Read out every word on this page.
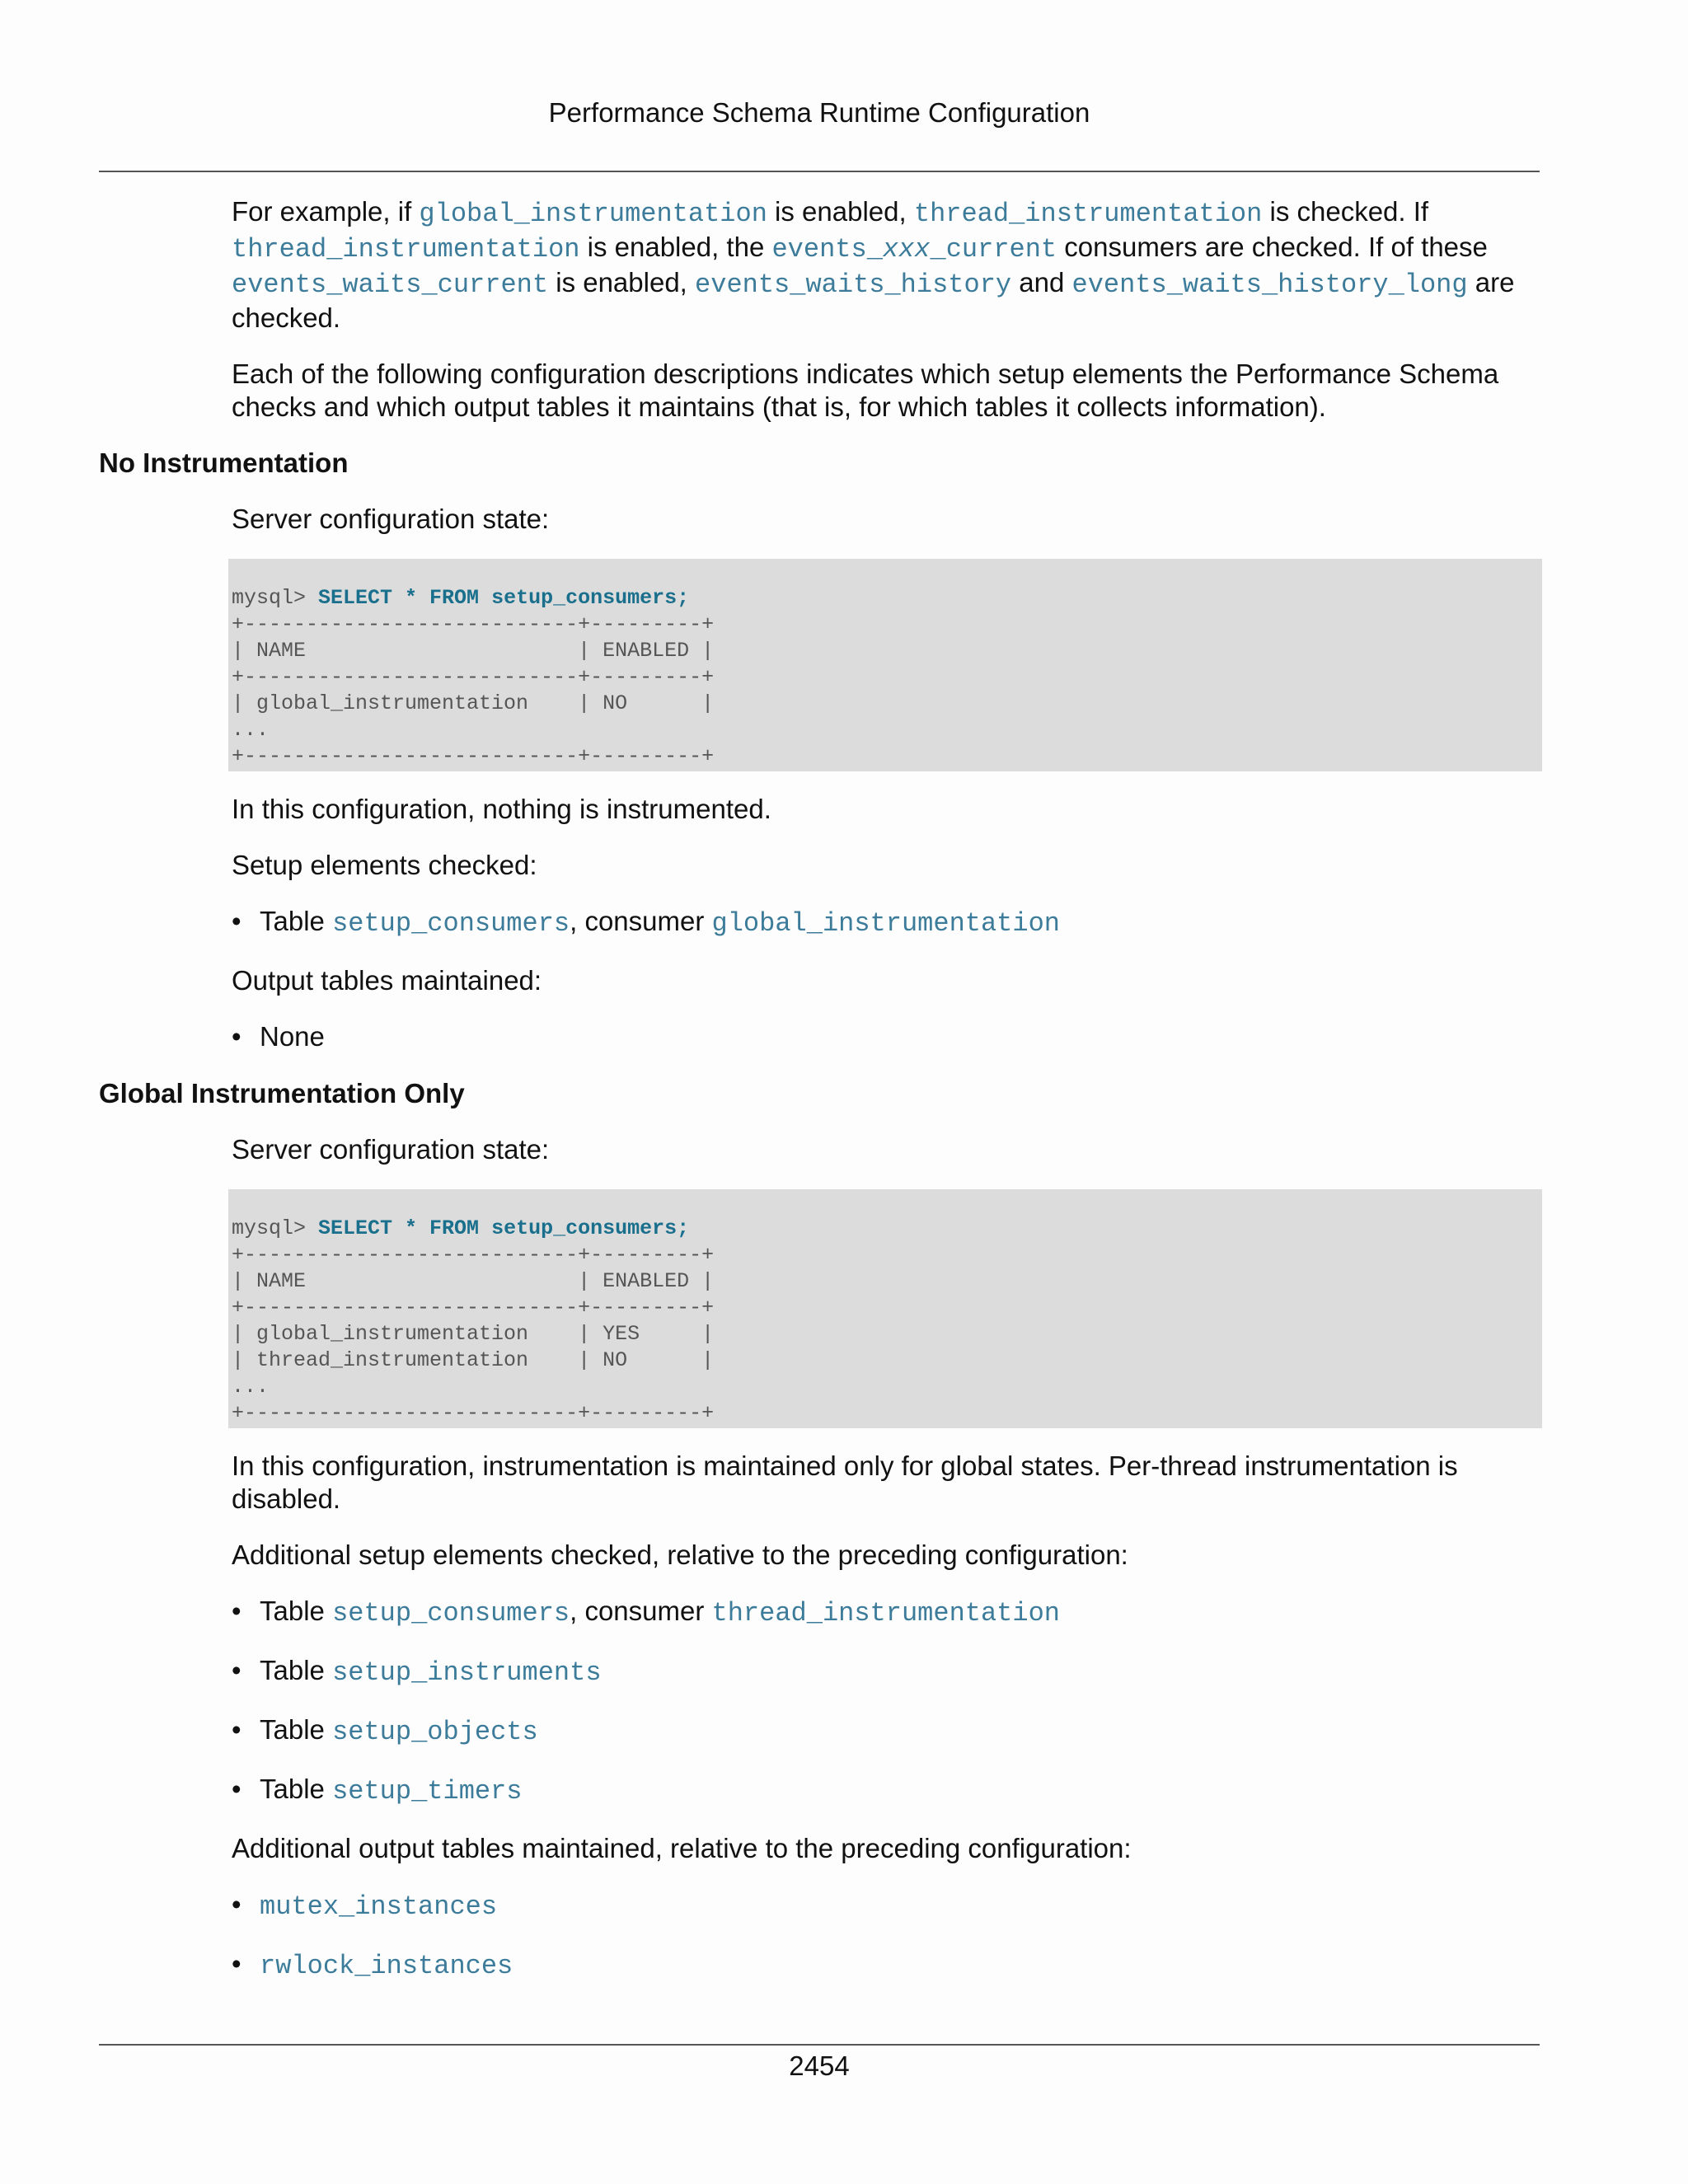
Performance Schema Runtime Configuration

For example, if global_instrumentation is enabled, thread_instrumentation is checked. If thread_instrumentation is enabled, the events_xxx_current consumers are checked. If of these events_waits_current is enabled, events_waits_history and events_waits_history_long are checked.

Each of the following configuration descriptions indicates which setup elements the Performance Schema checks and which output tables it maintains (that is, for which tables it collects information).

No Instrumentation

Server configuration state:

mysql> SELECT * FROM setup_consumers;
+---------------------------+---------+
| NAME                      | ENABLED |
+---------------------------+---------+
| global_instrumentation    | NO      |
...
+---------------------------+---------+

In this configuration, nothing is instrumented.

Setup elements checked:

• Table setup_consumers, consumer global_instrumentation

Output tables maintained:

• None
Global Instrumentation Only

Server configuration state:

mysql> SELECT * FROM setup_consumers;
+---------------------------+---------+
| NAME                      | ENABLED |
+---------------------------+---------+
| global_instrumentation    | YES     |
| thread_instrumentation    | NO      |
...
+---------------------------+---------+

In this configuration, instrumentation is maintained only for global states. Per-thread instrumentation is disabled.

Additional setup elements checked, relative to the preceding configuration:

• Table setup_consumers, consumer thread_instrumentation
• Table setup_instruments
• Table setup_objects
• Table setup_timers

Additional output tables maintained, relative to the preceding configuration:

• mutex_instances
• rwlock_instances
2454
